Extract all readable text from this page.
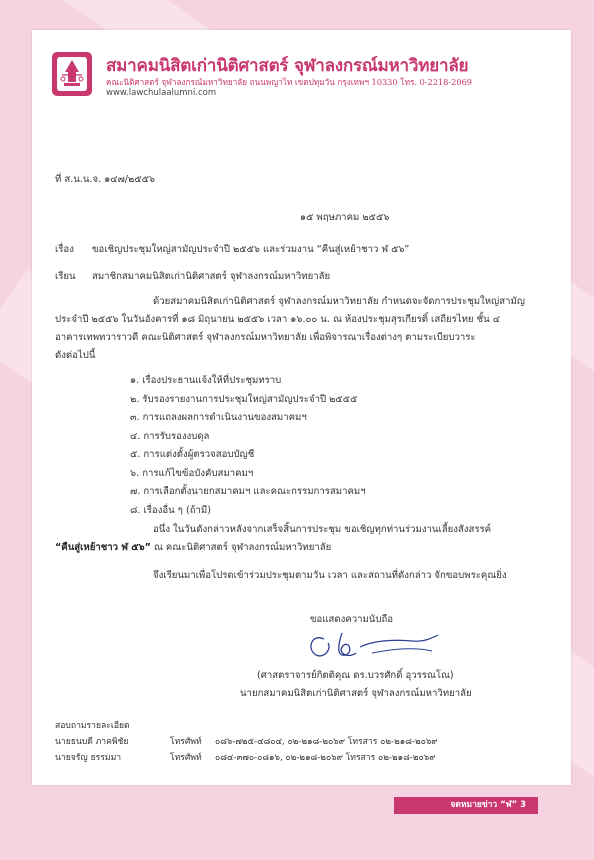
สมาคมนิสิตเก่านิติศาสตร์ จุฬาลงกรณ์มหาวิทยาลัย
คณะนิติศาสตร์ จุฬาลงกรณ์มหาวิทยาลัย ถนนพญาไท เขตปทุมวัน กรุงเทพฯ 10330 โทร. 0-2218-2069
www.lawchulaalumni.com
ที่ ส.น.น.จ. ๑๔๗/๒๕๕๖
๑๕ พฤษภาคม ๒๕๕๖
เรื่อง ขอเชิญประชุมใหญ่สามัญประจำปี ๒๕๕๖ และร่วมงาน “คืนสู่เหย้าชาว ฬ ๕๖”
เรียน สมาชิกสมาคมนิสิตเก่านิติศาสตร์ จุฬาลงกรณ์มหาวิทยาลัย
ด้วยสมาคมนิสิตเก่านิติศาสตร์ จุฬาลงกรณ์มหาวิทยาลัย กำหนดจะจัดการประชุมใหญ่สามัญ
ประจำปี ๒๕๕๖ ในวันอังคารที่ ๑๘ มิถุนายน ๒๕๕๖ เวลา ๑๖.๐๐ น. ณ ห้องประชุมสุรเกียรติ์ เสถียรไทย ชั้น ๔
อาคารเทพทวาราวดี คณะนิติศาสตร์ จุฬาลงกรณ์มหาวิทยาลัย เพื่อพิจารณาเรื่องต่างๆ ตามระเบียบวาระ
ดังต่อไปนี้
๑. เรื่องประธานแจ้งให้ที่ประชุมทราบ
๒. รับรองรายงานการประชุมใหญ่สามัญประจำปี ๒๕๕๕
๓. การแถลงผลการดำเนินงานของสมาคมฯ
๔. การรับรองงบดุล
๕. การแต่งตั้งผู้ตรวจสอบบัญชี
๖. การแก้ไขข้อบังคับสมาคมฯ
๗. การเลือกตั้งนายกสมาคมฯ และคณะกรรมการสมาคมฯ
๘. เรื่องอื่น ๆ (ถ้ามี)
อนึ่ง ในวันดังกล่าวหลังจากเสร็จสิ้นการประชุม ขอเชิญทุกท่านร่วมงานเลี้ยงสังสรรค์
“คืนสู่เหย้าชาว ฬ ๕๖” ณ คณะนิติศาสตร์ จุฬาลงกรณ์มหาวิทยาลัย
จึงเรียนมาเพื่อโปรดเข้าร่วมประชุมตามวัน เวลา และสถานที่ดังกล่าว จักขอบพระคุณยิ่ง
ขอแสดงความนับถือ
(ศาสตราจารย์กิตติคุณ ดร.บวรศักดิ์ อุวรรณโณ)
นายกสมาคมนิสิตเก่านิติศาสตร์ จุฬาลงกรณ์มหาวิทยาลัย
สอบถามรายละเอียด
นายธนบดี ภาคพิชัย	โทรศัพท์ ๐๘๖-๗๒๕-๔๘๐๔, ๐๒-๒๑๘-๒๐๖๙ โทรสาร ๐๒-๒๑๘-๒๐๖๙
นายจรัญ ธรรมมา	โทรศัพท์ ๐๘๔-๓๗๐-๐๘๑๖, ๐๒-๒๑๘-๒๐๖๙ โทรสาร ๐๒-๒๑๘-๒๐๖๙
จดหมายข่าว “ฬ” 3
